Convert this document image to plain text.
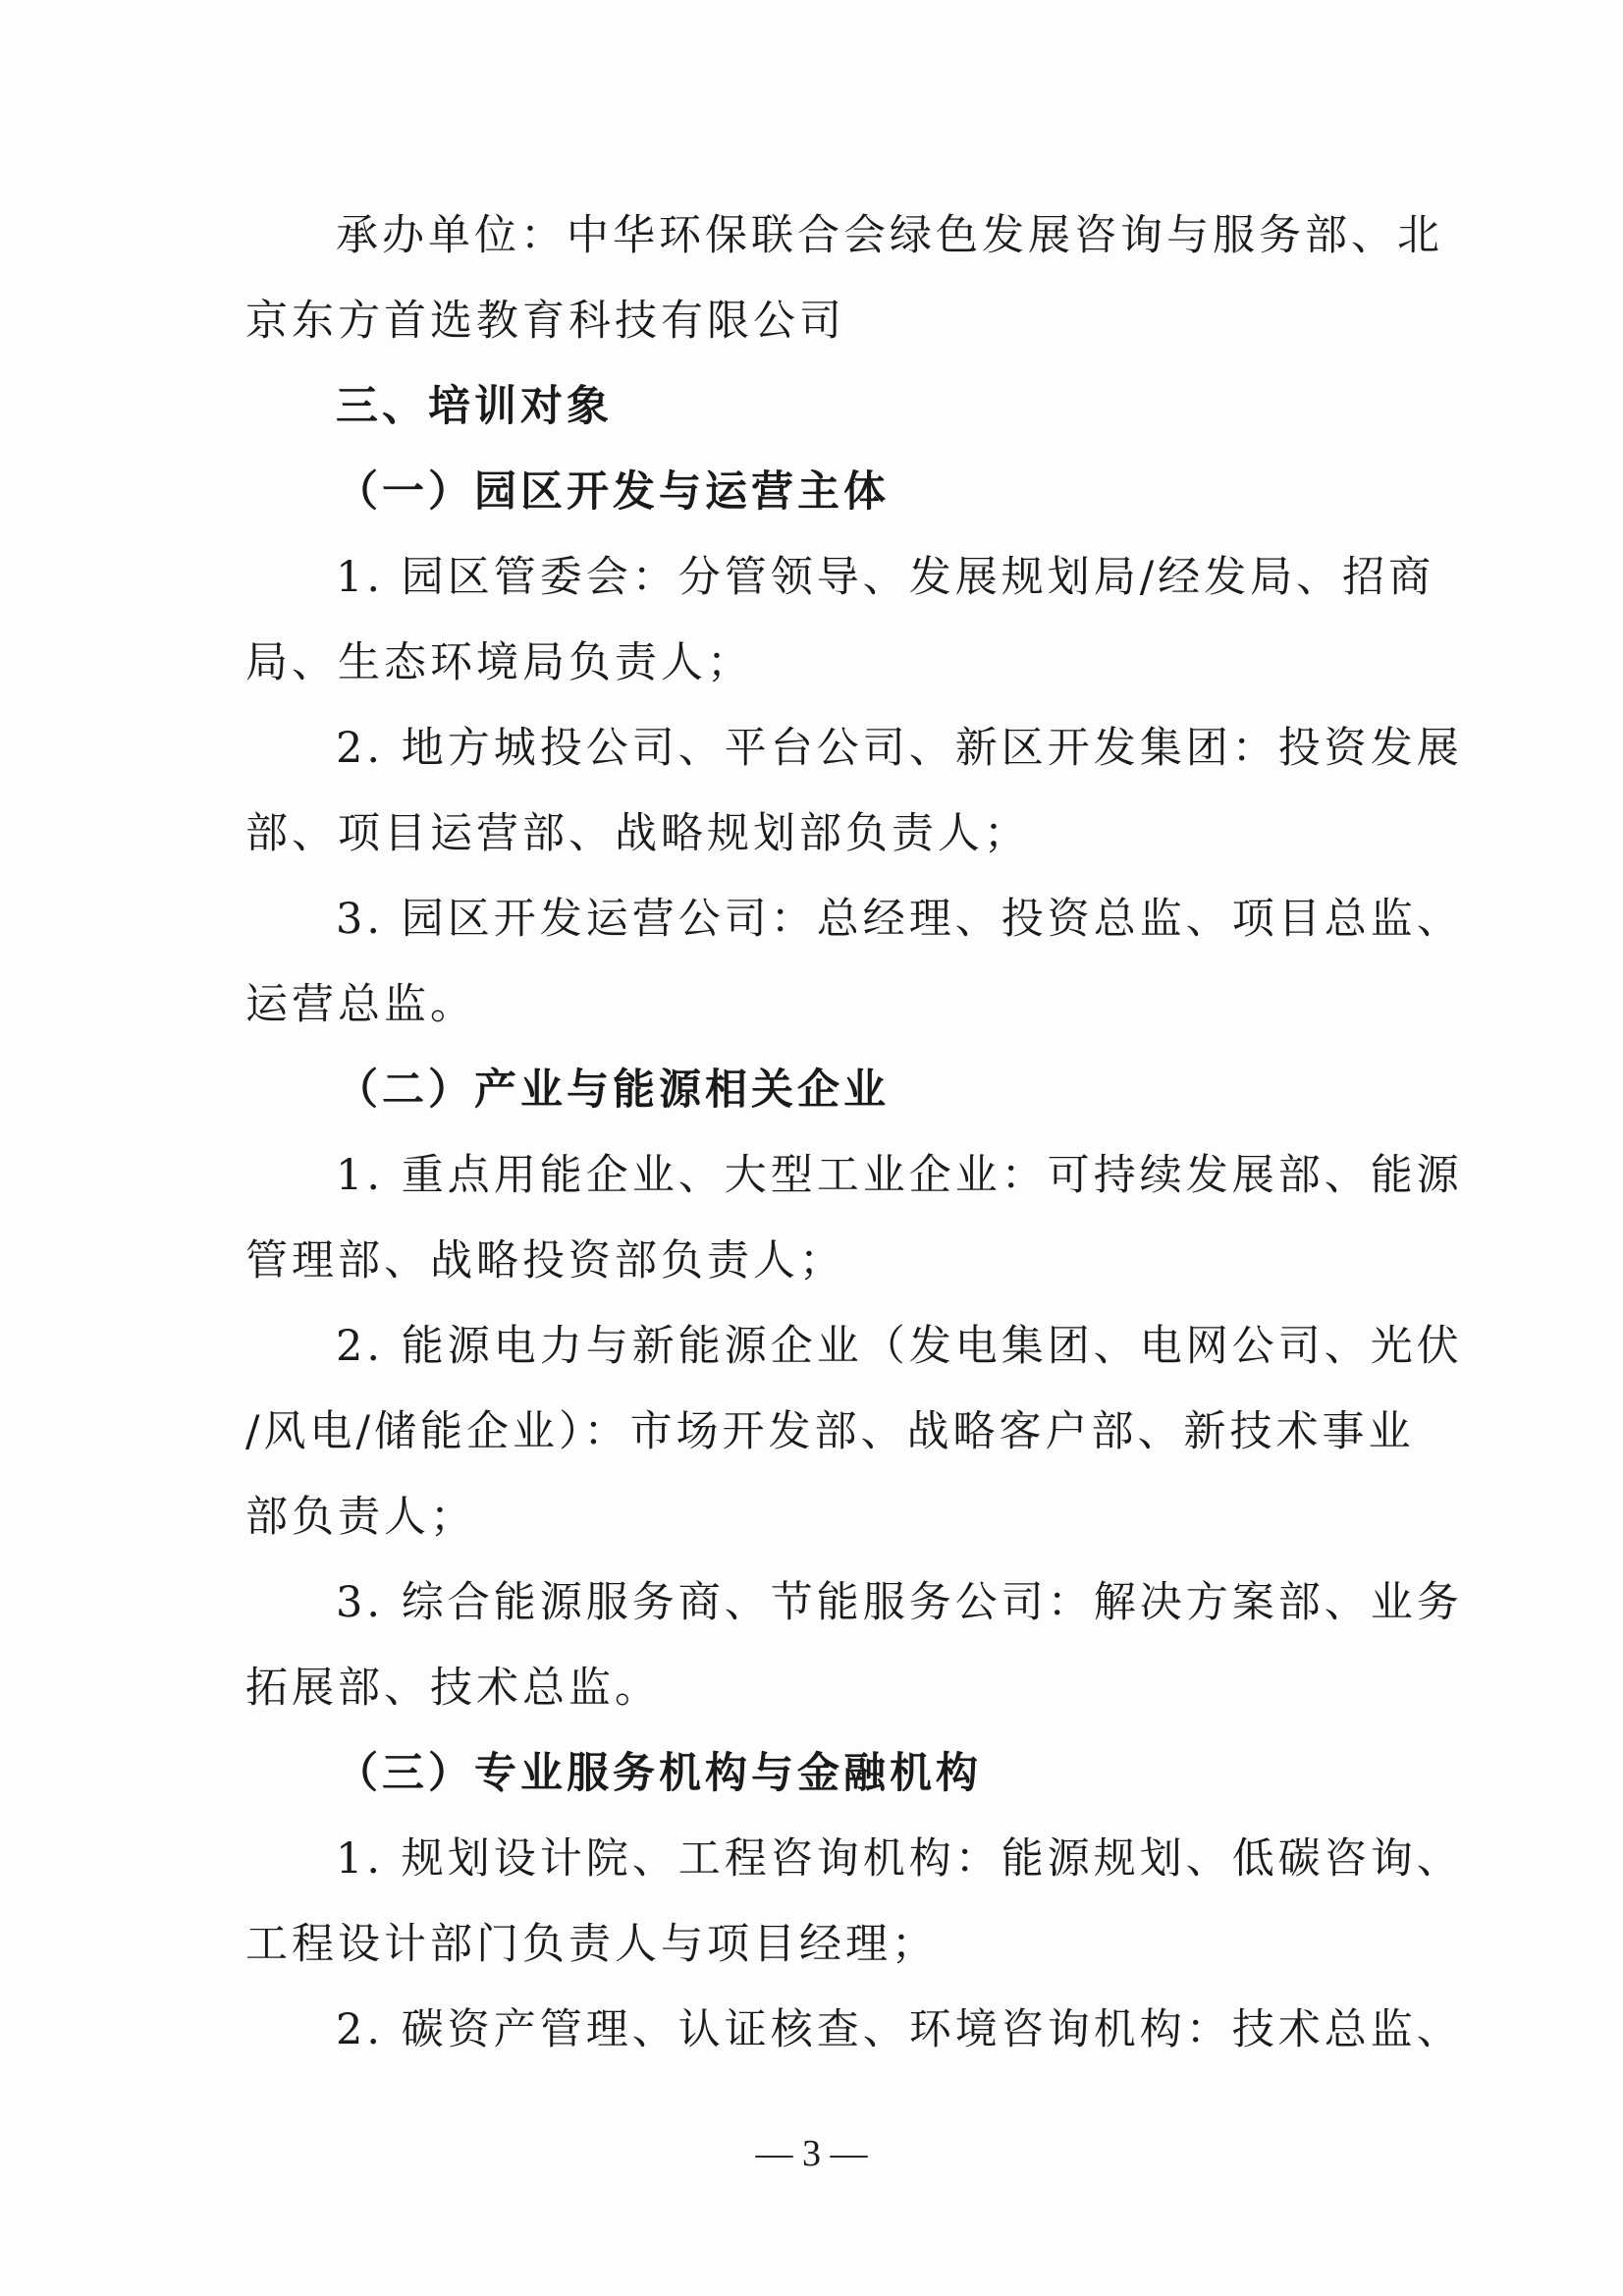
承办单位：中华环保联合会绿色发展咨询与服务部、北
京东方首选教育科技有限公司
三、培训对象
（一）园区开发与运营主体
1. 园区管委会：分管领导、发展规划局/经发局、招商
局、生态环境局负责人；
2. 地方城投公司、平台公司、新区开发集团：投资发展
部、项目运营部、战略规划部负责人；
3. 园区开发运营公司：总经理、投资总监、项目总监、
运营总监。
（二）产业与能源相关企业
1. 重点用能企业、大型工业企业：可持续发展部、能源
管理部、战略投资部负责人；
2. 能源电力与新能源企业（发电集团、电网公司、光伏
/风电/储能企业）：市场开发部、战略客户部、新技术事业
部负责人；
3. 综合能源服务商、节能服务公司：解决方案部、业务
拓展部、技术总监。
（三）专业服务机构与金融机构
1. 规划设计院、工程咨询机构：能源规划、低碳咨询、
工程设计部门负责人与项目经理；
2. 碳资产管理、认证核查、环境咨询机构：技术总监、
— 3 —
